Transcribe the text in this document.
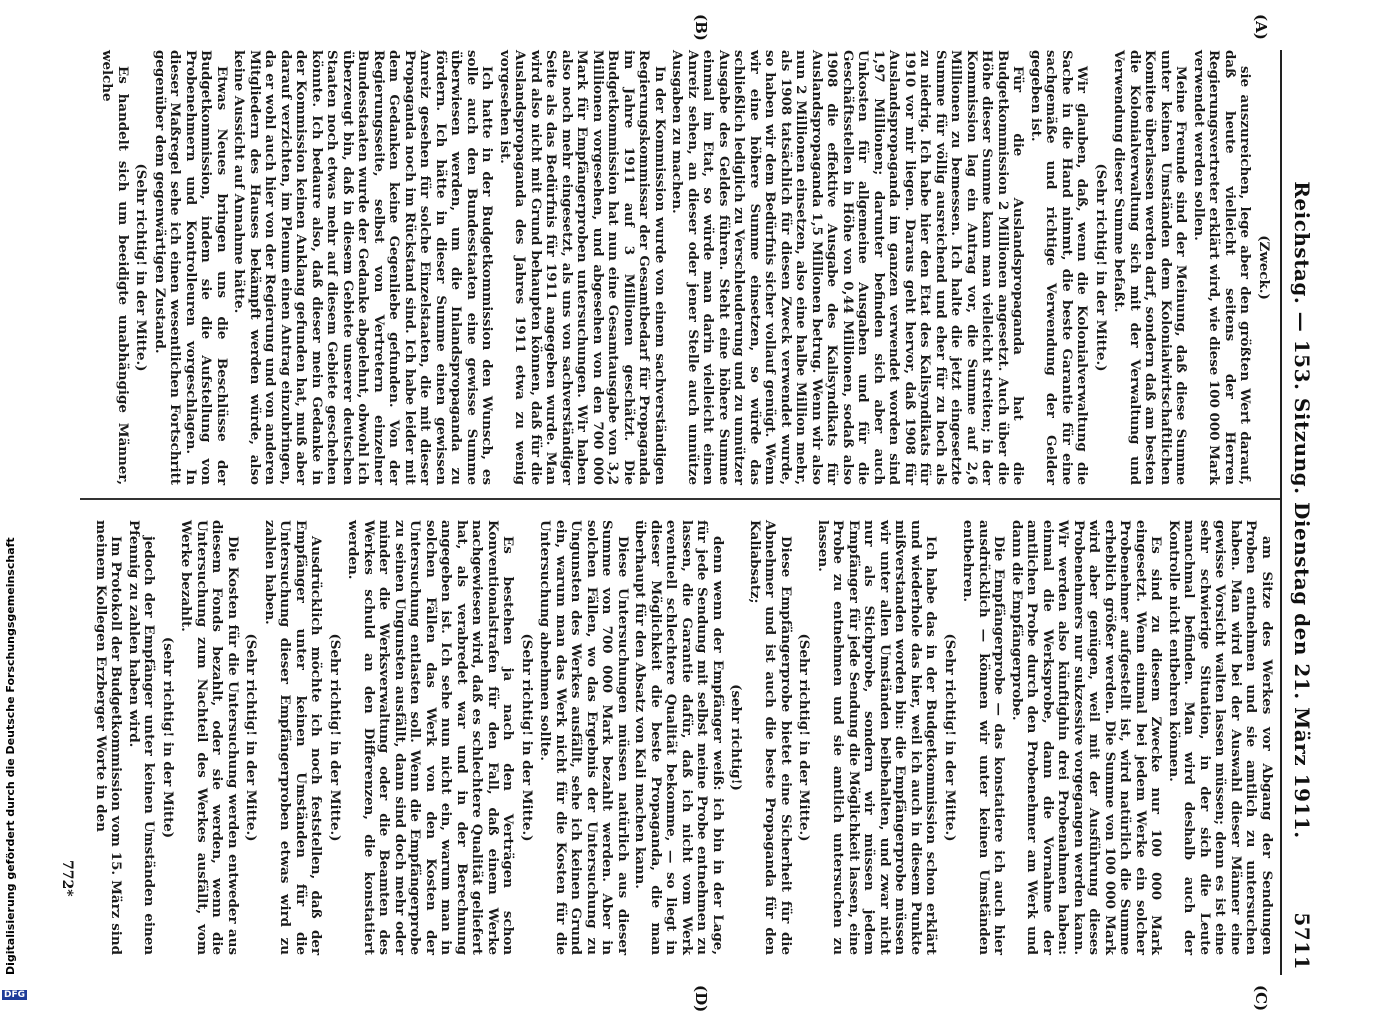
Reichstag. — 153. Sitzung. Dienstag den 21. März 1911.
5711
(A)
(B)
(C)
(D)

(Zweck.)

sie auszureichen, lege aber den größten Wert darauf, daß heute vielleicht seitens der Herren Regierungsvertreter erklärt wird, wie diese 100 000 Mark verwendet werden sollen.

Meine Freunde sind der Meinung, daß diese Summe unter keinen Umständen dem Kolonialwirtschaftlichen Komitee überlassen werden darf, sondern daß am besten die Kolonialverwaltung sich mit der Verwaltung und Verwendung dieser Summe befaßt.

(Sehr richtig! in der Mitte.)

Wir glauben, daß, wenn die Kolonialverwaltung die Sache in die Hand nimmt, die beste Garantie für eine sachgemäße und richtige Verwendung der Gelder gegeben ist.

Für die Auslandspropaganda hat die Budgetkommission 2 Millionen angesetzt. Auch über die Höhe dieser Summe kann man vielleicht streiten; in der Kommission lag ein Antrag vor, die Summe auf 2,6 Millionen zu bemessen. Ich halte die jetzt eingesetzte Summe für völlig ausreichend und eher für zu hoch als zu niedrig. Ich habe hier den Etat des Kalisyndikats für 1910 vor mir liegen. Daraus geht hervor, daß 1908 für Auslandspropaganda im ganzen verwendet worden sind 1,97 Millionen; darunter befinden sich aber auch Unkosten für allgemeine Ausgaben und für die Geschäftsstellen in Höhe von 0,44 Millionen, sodaß also 1908 die effektive Ausgabe des Kalisyndikats für Auslandspropaganda 1,5 Millionen betrug. Wenn wir also nun 2 Millionen einsetzen, also eine halbe Million mehr, als 1908 tatsächlich für diesen Zweck verwendet wurde, so haben wir dem Bedürfnis sicher vollauf genügt. Wenn wir eine höhere Summe einsetzen, so würde das schließlich lediglich zu Verschleuderung und zu unnützer Ausgabe des Geldes führen. Steht eine höhere Summe einmal im Etat, so würde man darin vielleicht einen Anreiz sehen, an dieser oder jener Stelle auch unnütze Ausgaben zu machen.

In der Kommission wurde von einem sachverständigen Regierungskommissar der Gesamtbedarf für Propaganda im Jahre 1911 auf 3 Millionen geschätzt. Die Budgetkommission hat nun eine Gesamtausgabe von 3,2 Millionen vorgesehen, und abgesehen von den 700 000 Mark für Empfängerproben untersuchungen. Wir haben also noch mehr eingesetzt, als uns von sachverständiger Seite als das Bedürfnis für 1911 angegeben wurde. Man wird also nicht mit Grund behaupten können, daß für die Auslandspropaganda des Jahres 1911 etwa zu wenig vorgesehen ist.

Ich hatte in der Budgetkommission den Wunsch, es solle auch den Bundesstaaten eine gewisse Summe überwiesen werden, um die Inlandspropaganda zu fördern. Ich hätte in dieser Summe einen gewissen Anreiz gesehen für solche Einzelstaaten, die mit dieser Propaganda noch im Rückstand sind. Ich habe leider mit dem Gedanken keine Gegenliebe gefunden. Von der Regierungsseite, selbst von Vertretern einzelner Bundesstaaten wurde der Gedanke abgelehnt, obwohl ich überzeugt bin, daß in diesem Gebiete unserer deutschen Staaten noch etwas mehr auf diesem Gebiete geschehen könnte. Ich bedaure also, daß dieser mein Gedanke in der Kommission keinen Anklang gefunden hat, muß aber darauf verzichten, im Plenum einen Antrag einzubringen, da er wohl auch hier von der Regierung und von anderen Mitgliedern des Hauses bekämpft werden würde, also keine Aussicht auf Annahme hätte.

Etwas Neues bringen uns die Beschlüsse der Budgetkommission, indem sie die Aufstellung von Probenehmern und Kontrolleuren vorgeschlagen. In dieser Maßregel sehe ich einen wesentlichen Fortschritt gegenüber dem gegenwärtigen Zustand.

(Sehr richtig! in der Mitte.)

Es handelt sich um beeidigte unabhängige Männer, welche

am Sitze des Werkes vor Abgang der Sendungen Proben entnehmen und sie amtlich zu untersuchen haben. Man wird bei der Auswahl dieser Männer eine gewisse Vorsicht walten lassen müssen; denn es ist eine sehr schwierige Situation, in der sich die Leute manchmal befinden. Man wird deshalb auch der Kontrolle nicht entbehren können.

Es sind zu diesem Zwecke nur 100 000 Mark eingesetzt. Wenn einmal bei jedem Werke ein solcher Probenehmer aufgestellt ist, wird natürlich die Summe erheblich größer werden. Die Summe von 100 000 Mark wird aber genügen, weil mit der Ausführung dieses Probenehmers nur sukzessive vorgegangen werden kann. Wir werden also künftighin drei Probenahmen haben: einmal die Werksprobe, dann die Vornahme der amtlichen Probe durch den Probenehmer am Werk und dann die Empfängerprobe.

Die Empfängerprobe — das konstatiere ich auch hier ausdrücklich — können wir unter keinen Umständen entbehren.

(Sehr richtig! in der Mitte.)

Ich habe das in der Budgetkommission schon erklärt und wiederhole das hier, weil ich auch in diesem Punkte mißverstanden worden bin: die Empfängerprobe müssen wir unter allen Umständen beibehalten, und zwar nicht nur als Stichprobe, sondern wir müssen jedem Empfänger für jede Sendung die Möglichkeit lassen, eine Probe zu entnehmen und sie amtlich untersuchen zu lassen.

(Sehr richtig! in der Mitte.)

Diese Empfängerprobe bietet eine Sicherheit für die Abnehmer und ist auch die beste Propaganda für den Kaliabsatz;

(sehr richtig!)

denn wenn der Empfänger weiß: ich bin in der Lage, für jede Sendung mit selbst meine Probe entnehmen zu lassen, die Garantie dafür, daß ich nicht vom Werk eventuell schlechtere Qualität bekomme, — so liegt in dieser Möglichkeit die beste Propaganda, die man überhaupt für den Absatz von Kali machen kann.

Diese Untersuchungen müssen natürlich aus dieser Summe von 700 000 Mark bezahlt werden. Aber in solchen Fällen, wo das Ergebnis der Untersuchung zu Ungunsten des Werkes ausfällt, sehe ich keinen Grund ein, warum man das Werk nicht für die Kosten für die Untersuchung abnehmen sollte.

(Sehr richtig! in der Mitte.)

Es bestehen ja nach den Verträgen schon Konventionalstrafen für den Fall, daß einem Werke nachgewiesen wird, daß es schlechtere Qualität geliefert hat, als verabredet war und in der Berechnung angegeben ist. Ich sehe nun nicht ein, warum man in solchen Fällen das Werk von den Kosten der Untersuchung entlasten soll. Wenn die Empfängerprobe zu seinen Ungunsten ausfällt, dann sind doch mehr oder minder die Werksverwaltung oder die Beamten des Werkes schuld an den Differenzen, die konstatiert werden.

(Sehr richtig! in der Mitte.)

Ausdrücklich möchte ich noch feststellen, daß der Empfänger unter keinen Umständen für die Untersuchung dieser Empfängerproben etwas wird zu zahlen haben.

(Sehr richtig! in der Mitte.)

Die Kosten für die Untersuchung werden entweder aus diesem Fonds bezahlt, oder sie werden, wenn die Untersuchung zum Nachteil des Werkes ausfällt, vom Werke bezahlt.

(sehr richtig! in der Mitte)

jedoch der Empfänger unter keinen Umständen einen Pfennig zu zahlen haben wird.

Im Protokoll der Budgetkommission vom 15. März sind meinem Kollegen Erzberger Worte in den

772*
DFG
Digitalisierung gefördert durch die Deutsche Forschungsgemeinschaft
